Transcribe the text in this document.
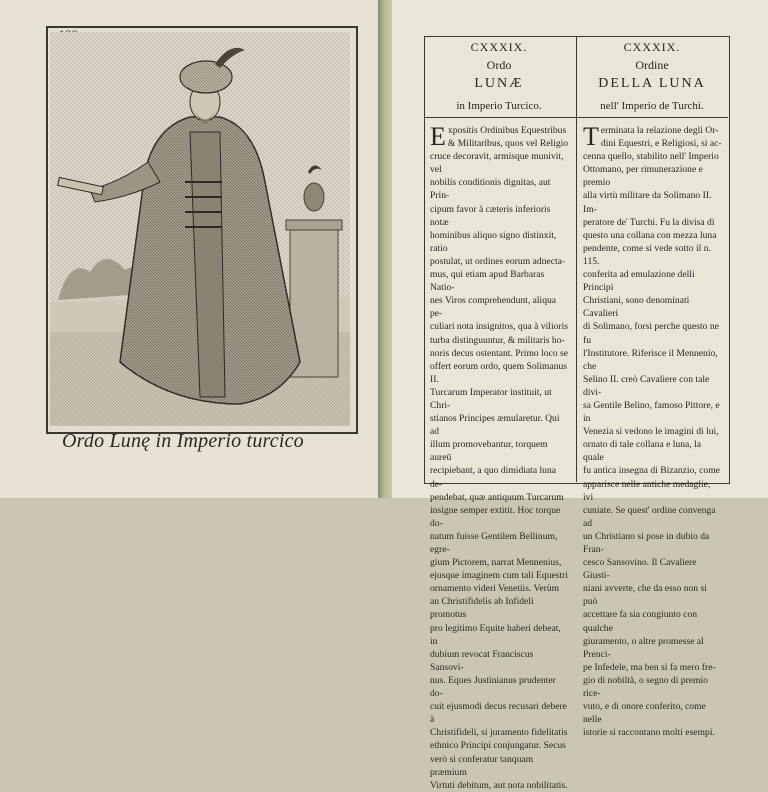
Ordo Lunę in Imperio turcico
CXXXIX.
Ordo
LUNÆ
in Imperio Turcico.
Expositis Ordinibus Equestribus
& Militaribus, quos vel Religio
cruce decoravit, armisque munivit, vel
nobilis conditionis dignitas, aut Prin-
cipum favor à cæteris inferioris notæ
hominibus aliquo signo distinxit, ratio
postulat, ut ordines eorum adnecta-
mus, qui etiam apud Barbaras Natio-
nes Viros comprehendunt, aliqua pe-
culiari nota insignitos, qua à vilioris
turba distinguuntur, & militaris ho-
noris decus ostentant. Primo loco se
offert eorum ordo, quem Solimanus II.
Turcarum Imperator instituit, ut Chri-
stianos Principes æmularetur. Qui ad
illum promovebantur, torquem aureū
recipiebant, a quo dimidiata luna de-
pendebat, quæ antiquum Turcarum
insigne semper extitit. Hoc torque do-
natum fuisse Gentilem Bellinum, egre-
gium Pictorem, narrat Mennenius,
ejusque imaginem cum tali Equestri
ornamento videri Venetiis. Verùm
an Christifidelis ab Infideli promotus
pro legitimo Equite haberi debeat, in
dubium revocat Franciscus Sansovi-
nus. Eques Justinianus prudenter do-
cuit ejusmodi decus recusari debere à
Christifideli, si juramento fidelitatis
ethnico Principi conjungatur. Secus
verò si conferatur tanquam præmium
Virtuti debitum, aut nota nobilitatis.
CXXXIX.
Ordine
DELLA LUNA
nell' Imperio de Turchi.
Terminata la relazione degli Or-
dini Equestri, e Religiosi, si ac-
cenna quello, stabilito nell' Imperio
Ottomano, per rimunerazione e premio
alla virtù militare da Solimano II. Im-
peratore de' Turchi. Fu la divisa di
questo una collana con mezza luna
pendente, come si vede sotto il n. 115.
conferita ad emulazione delli Principi
Christiani, sono denominati Cavalieri
di Solimano, forsi perche questo ne fu
l'Institutore. Riferisce il Mennenio, che
Selino II. creò Cavaliere con tale divi-
sa Gentile Belino, famoso Pittore, e in
Venezia si vedono le imagini di lui,
ornato di tale collana e luna, la quale
fu antica insegna di Bizanzio, come
apparisce nelle antiche medaglie, ivi
cuniate. Se quest' ordine convenga ad
un Christiano si pose in dubio da Fran-
cesco Sansovino. Il Cavaliere Giusti-
niani avverte, che da esso non si può
accettare fa sia congiunto con qualche
giuramento, o altre promesse al Prenci-
pe Infedele, ma ben si fa mero fre-
gio di nobiltà, o segno di premio rice-
vuto, e di onore conferito, come nelle
istorie si raccontano molti esempi.
